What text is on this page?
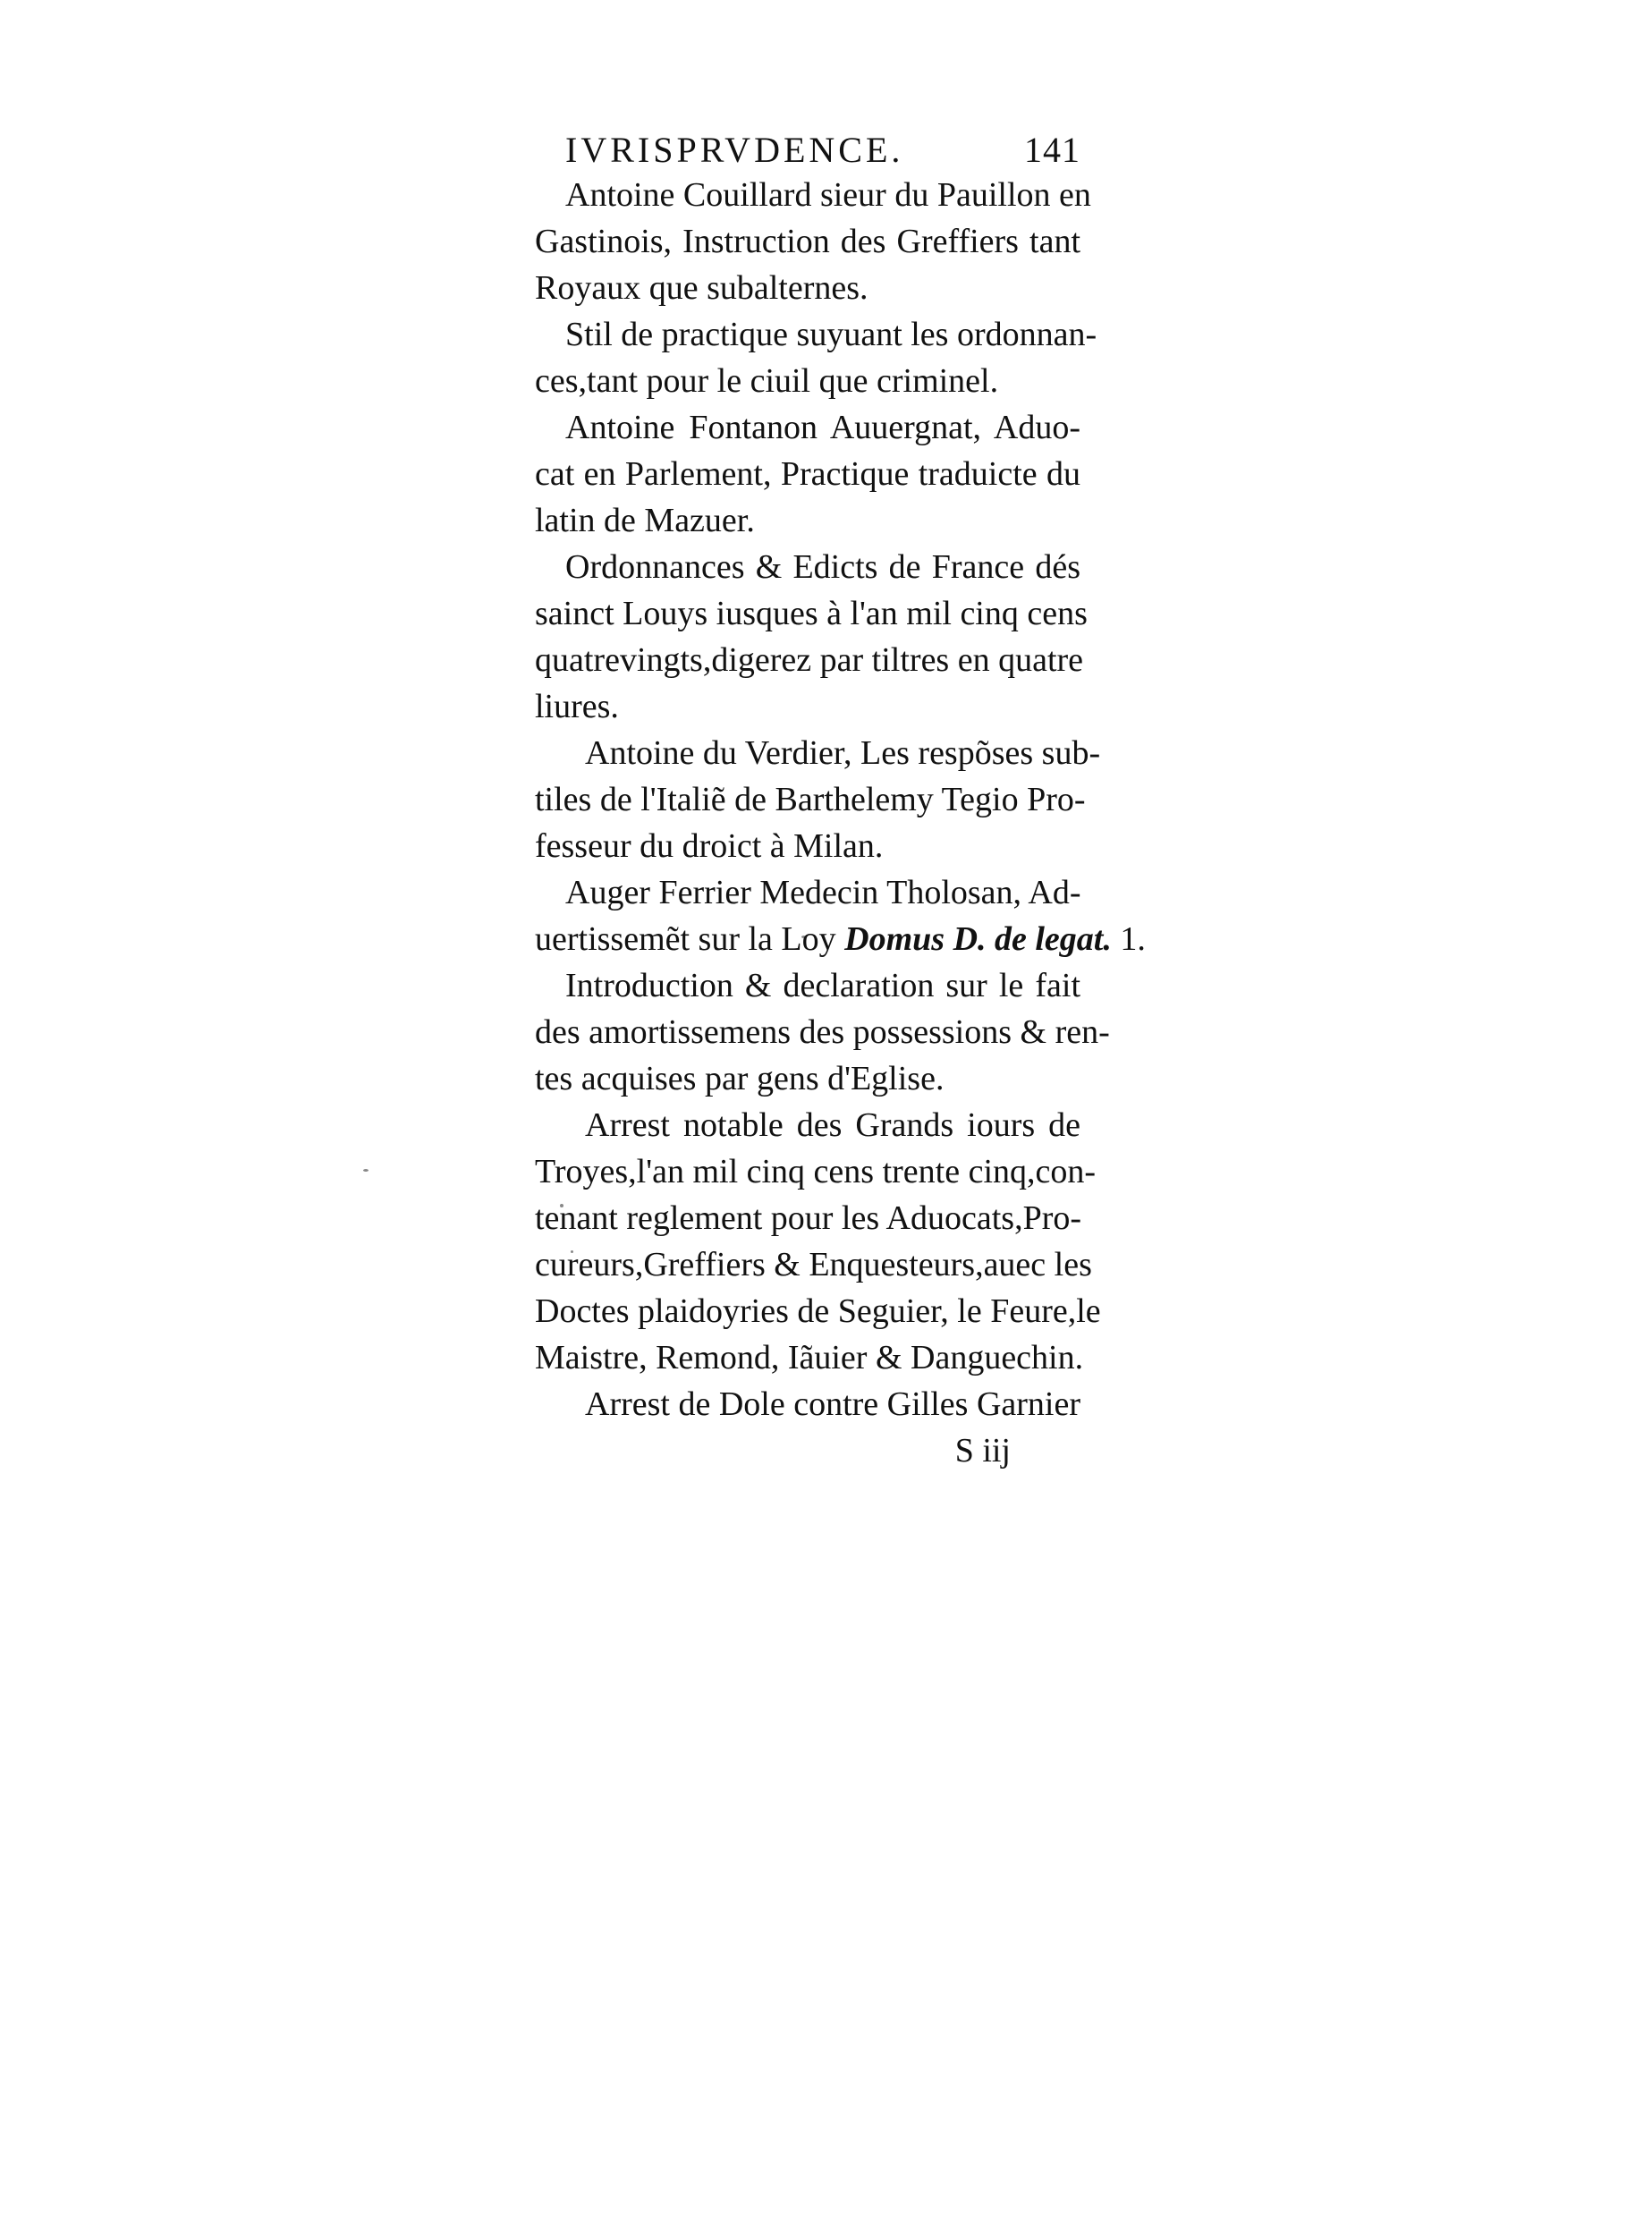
IVRISPRVDENCE.	141
Antoine Couillard sieur du Pauillon en
Gastinois, Instruction des Greffiers tant
Royaux que subalternes.
Stil de practique suyuant les ordonnan-
ces,tant pour le ciuil que criminel.
Antoine Fontanon Auuergnat, Aduo-
cat en Parlement, Practique traduicte du
latin de Mazuer.
Ordonnances & Edicts de France dés
sainct Louys iusques à l'an mil cinq cens
quatrevingts,digerez par tiltres en quatre
liures.
Antoine du Verdier, Les respõses sub-
tiles de l'Italiẽ de Barthelemy Tegio Pro-
fesseur du droict à Milan.
Auger Ferrier Medecin Tholosan, Ad-
uertissemẽt sur la Loy Domus D. de legat. 1.
Introduction & declaration sur le fait
des amortissemens des possessions & ren-
tes acquises par gens d'Eglise.
Arrest notable des Grands iours de
Troyes,l'an mil cinq cens trente cinq,con-
tenant reglement pour les Aduocats,Pro-
cureurs,Greffiers & Enquesteurs,auec les
Doctes plaidoyries de Seguier, le Feure,le
Maistre, Remond, Iãuier & Danguechin.
Arrest de Dole contre Gilles Garnier
S iij
